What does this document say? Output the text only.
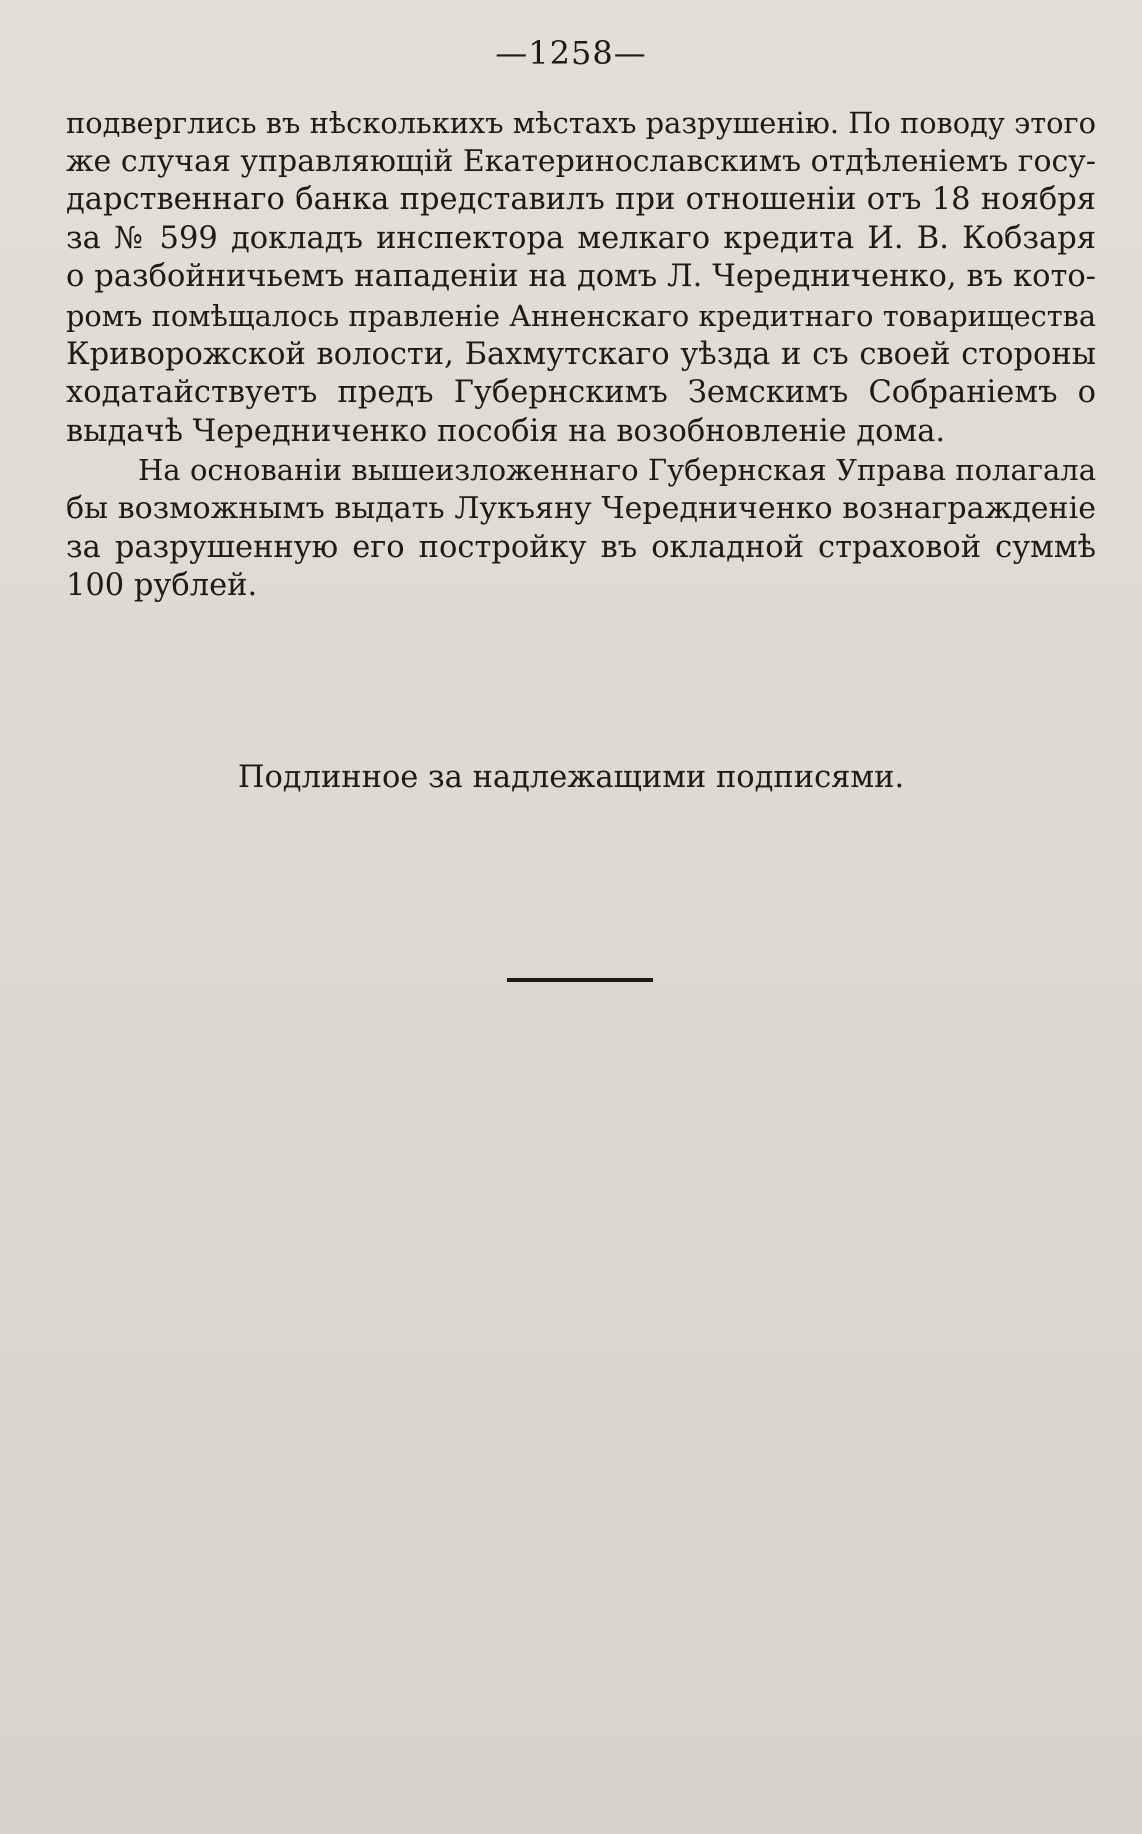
—1258—
подверглись въ нѣсколькихъ мѣстахъ разрушенію. По поводу этого
же случая управляющій Екатеринославскимъ отдѣленіемъ госу-
дарственнаго банка представилъ при отношеніи отъ 18 ноября
за № 599 докладъ инспектора мелкаго кредита И. В. Кобзаря
о разбойничьемъ нападеніи на домъ Л. Чередниченко, въ кото-
ромъ помѣщалось правленіе Анненскаго кредитнаго товарищества
Криворожской волости, Бахмутскаго уѣзда и съ своей стороны
ходатайствуетъ предъ Губернскимъ Земскимъ Собраніемъ о
выдачѣ Чередниченко пособія на возобновленіе дома.
На основаніи вышеизложеннаго Губернская Управа полагала
бы возможнымъ выдать Лукъяну Чередниченко вознагражденіе
за разрушенную его постройку въ окладной страховой суммѣ
100 рублей.
Подлинное за надлежащими подписями.
